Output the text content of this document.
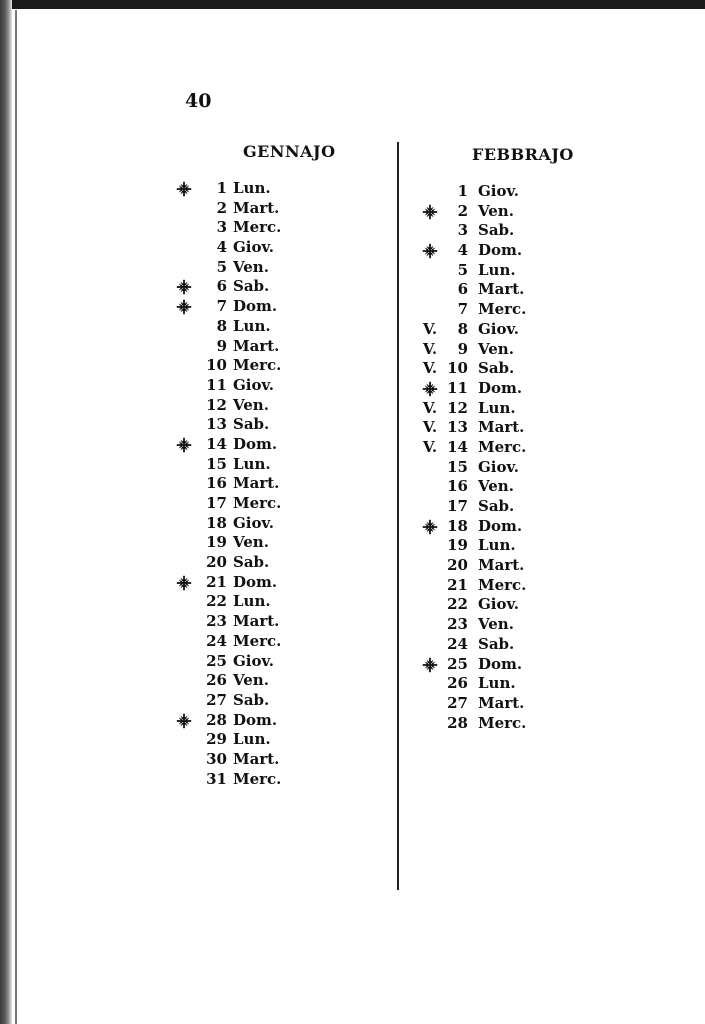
40
GENNAJO	FEBBRAJO
1 Lun.
2 Mart.
3 Merc.
4 Giov.
5 Ven.
6 Sab.
7 Dom.
8 Lun.
9 Mart.
10 Merc.
11 Giov.
12 Ven.
13 Sab.
14 Dom.
15 Lun.
16 Mart.
17 Merc.
18 Giov.
19 Ven.
20 Sab.
21 Dom.
22 Lun.
23 Mart.
24 Merc.
25 Giov.
26 Ven.
27 Sab.
28 Dom.
29 Lun.
30 Mart.
31 Merc.
1 Giov.
2 Ven.
3 Sab.
4 Dom.
5 Lun.
6 Mart.
7 Merc.
V.	8 Giov.
V.	9 Ven.
V. 10 Sab.
11 Dom.
V. 12 Lun.
V. 13 Mart.
V. 14 Merc.
15 Giov.
16 Ven.
17 Sab.
18 Dom.
19 Lun.
20 Mart.
21 Merc.
22 Giov.
23 Ven.
24 Sab.
25 Dom.
26 Lun.
27 Mart.
28 Merc.
